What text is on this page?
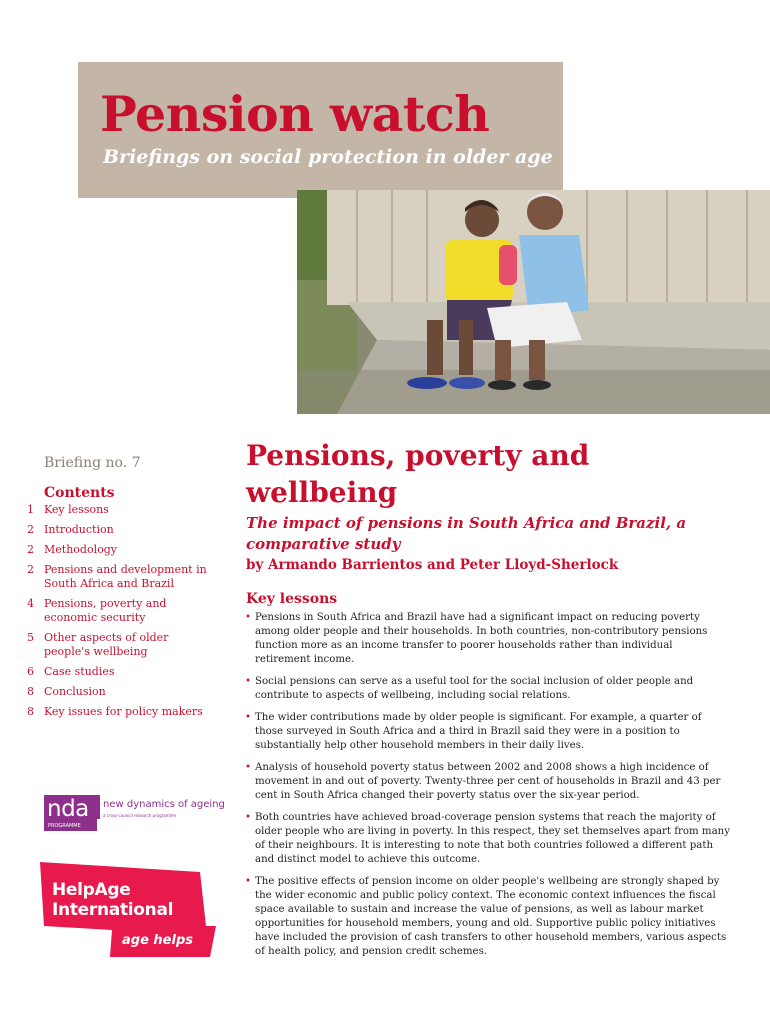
Pension watch
Briefings on social protection in older age
Briefing no. 7
Contents
1 Key lessons
2 Introduction
2 Methodology
2 Pensions and development in South Africa and Brazil
4 Pensions, poverty and economic security
5 Other aspects of older people's wellbeing
6 Case studies
8 Conclusion
8 Key issues for policy makers
nda
PROGRAMME
new dynamics of ageing
a cross-council research programme
HelpAge
International
age helps
Pensions, poverty and wellbeing

The impact of pensions in South Africa and Brazil, a comparative study

by Armando Barrientos and Peter Lloyd-Sherlock
Key lessons
• Pensions in South Africa and Brazil have had a significant impact on reducing poverty among older people and their households. In both countries, non-contributory pensions function more as an income transfer to poorer households rather than individual retirement income.
• Social pensions can serve as a useful tool for the social inclusion of older people and contribute to aspects of wellbeing, including social relations.
• The wider contributions made by older people is significant. For example, a quarter of those surveyed in South Africa and a third in Brazil said they were in a position to substantially help other household members in their daily lives.
• Analysis of household poverty status between 2002 and 2008 shows a high incidence of movement in and out of poverty. Twenty-three per cent of households in Brazil and 43 per cent in South Africa changed their poverty status over the six-year period.
• Both countries have achieved broad-coverage pension systems that reach the majority of older people who are living in poverty. In this respect, they set themselves apart from many of their neighbours. It is interesting to note that both countries followed a different path and distinct model to achieve this outcome.
• The positive effects of pension income on older people's wellbeing are strongly shaped by the wider economic and public policy context. The economic context influences the fiscal space available to sustain and increase the value of pensions, as well as labour market opportunities for household members, young and old. Supportive public policy initiatives have included the provision of cash transfers to other household members, various aspects of health policy, and pension credit schemes.
